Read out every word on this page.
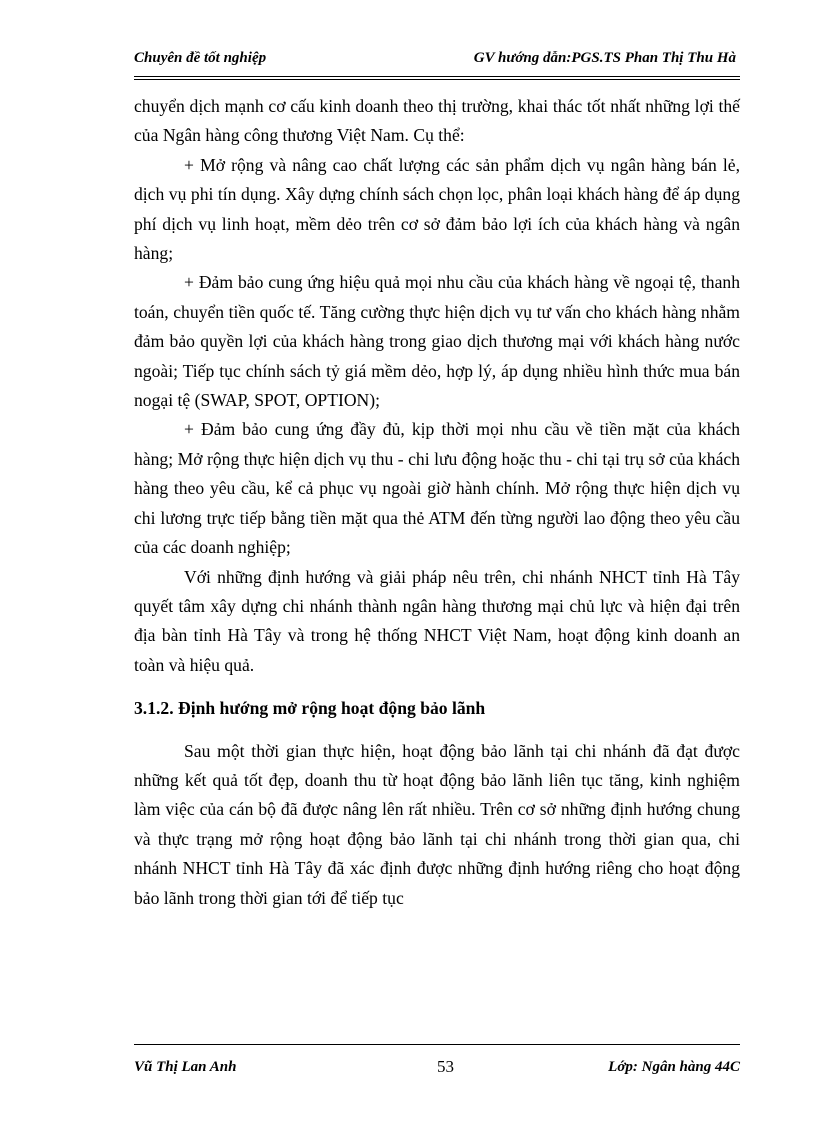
Chuyên đề tốt nghiệp	GV hướng dẫn:PGS.TS Phan Thị Thu Hà

chuyển dịch mạnh cơ cấu kinh doanh theo thị trường, khai thác tốt nhất những lợi thế của Ngân hàng công thương Việt Nam. Cụ thể:

+ Mở rộng và nâng cao chất lượng các sản phẩm dịch vụ ngân hàng bán lẻ, dịch vụ phi tín dụng. Xây dựng chính sách chọn lọc, phân loại khách hàng để áp dụng phí dịch vụ linh hoạt, mềm dẻo trên cơ sở đảm bảo lợi ích của khách hàng và ngân hàng;

+ Đảm bảo cung ứng hiệu quả mọi nhu cầu của khách hàng về ngoại tệ, thanh toán, chuyển tiền quốc tế. Tăng cường thực hiện dịch vụ tư vấn cho khách hàng nhằm đảm bảo quyền lợi của khách hàng trong giao dịch thương mại với khách hàng nước ngoài; Tiếp tục chính sách tỷ giá mềm dẻo, hợp lý, áp dụng nhiều hình thức mua bán nogại tệ (SWAP, SPOT, OPTION);

+ Đảm bảo cung ứng đầy đủ, kịp thời mọi nhu cầu về tiền mặt của khách hàng; Mở rộng thực hiện dịch vụ thu - chi lưu động hoặc thu - chi tại trụ sở của khách hàng theo yêu cầu, kể cả phục vụ ngoài giờ hành chính. Mở rộng thực hiện dịch vụ chi lương trực tiếp bằng tiền mặt qua thẻ ATM đến từng người lao động theo yêu cầu của các doanh nghiệp;

Với những định hướng và giải pháp nêu trên, chi nhánh NHCT tỉnh Hà Tây quyết tâm xây dựng chi nhánh thành ngân hàng thương mại chủ lực và hiện đại trên địa bàn tỉnh Hà Tây và trong hệ thống NHCT Việt Nam, hoạt động kinh doanh an toàn và hiệu quả.

3.1.2. Định hướng mở rộng hoạt động bảo lãnh

Sau một thời gian thực hiện, hoạt động bảo lãnh tại chi nhánh đã đạt được những kết quả tốt đẹp, doanh thu từ hoạt động bảo lãnh liên tục tăng, kinh nghiệm làm việc của cán bộ đã được nâng lên rất nhiều. Trên cơ sở những định hướng chung và thực trạng mở rộng hoạt động bảo lãnh tại chi nhánh trong thời gian qua, chi nhánh NHCT tỉnh Hà Tây đã xác định được những định hướng riêng cho hoạt động bảo lãnh trong thời gian tới để tiếp tục

Vũ Thị Lan Anh	53	Lớp: Ngân hàng 44C
